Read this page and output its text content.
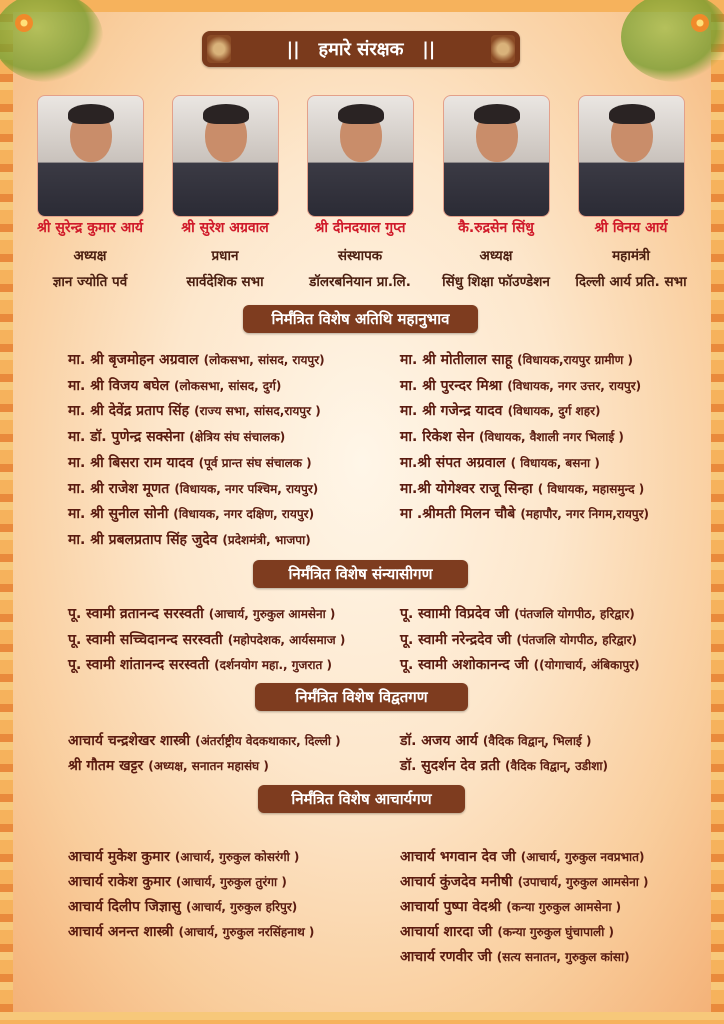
||   हमारे संरक्षक   ||
श्री सुरेन्द्र कुमार आर्य
अध्यक्ष
ज्ञान ज्योति पर्व
श्री सुरेश अग्रवाल
प्रधान
सार्वदेशिक सभा
श्री दीनदयाल गुप्त
संस्थापक
डॉलरबनियान प्रा.लि.
कै.रुद्रसेन सिंधु
अध्यक्ष
सिंधु शिक्षा फॉउण्डेशन
श्री विनय आर्य
महामंत्री
दिल्ली आर्य प्रति. सभा
निर्मंत्रित विशेष अतिथि महानुभाव
मा. श्री बृजमोहन अग्रवाल (लोकसभा, सांसद, रायपुर)
मा. श्री विजय बघेल (लोकसभा, सांसद, दुर्ग)
मा. श्री देवेंद्र प्रताप सिंह (राज्य सभा, सांसद,रायपुर )
मा. डॉ. पुणेन्द्र सक्सेना (क्षेत्रिय संघ संचालक)
मा. श्री बिसरा राम यादव (पूर्व प्रान्त संघ संचालक )
मा. श्री राजेश मूणत (विधायक, नगर पश्चिम, रायपुर)
मा. श्री सुनील सोनी (विधायक, नगर दक्षिण, रायपुर)
मा. श्री प्रबलप्रताप सिंह जुदेव (प्रदेशमंत्री, भाजपा)
मा. श्री मोतीलाल साहू (विधायक,रायपुर ग्रामीण )
मा. श्री पुरन्दर मिश्रा (विधायक, नगर उत्तर, रायपुर)
मा. श्री गजेन्द्र यादव (विधायक, दुर्ग शहर)
मा. रिकेश सेन (विधायक, वैशाली नगर भिलाई )
मा.श्री संपत अग्रवाल ( विधायक, बसना )
मा.श्री योगेश्वर राजू सिन्हा ( विधायक, महासमुन्द )
मा .श्रीमती मिलन चौबे (महापौर, नगर निगम,रायपुर)
निर्मंत्रित विशेष संन्यासीगण
पू. स्वामी व्रतानन्द सरस्वती (आचार्य, गुरुकुल आमसेना )
पू. स्वामी सच्चिदानन्द सरस्वती (महोपदेशक, आर्यसमाज )
पू. स्वामी शांतानन्द सरस्वती (दर्शनयोग महा., गुजरात )
पू. स्वाामी विप्रदेव जी (पंतजलि योगपीठ, हरिद्वार)
पू. स्वामी नरेन्द्रदेव जी (पंतजलि योगपीठ, हरिद्वार)
पू. स्वामी अशोकानन्द जी ((योगाचार्य, अंबिकापुर)
निर्मंत्रित विशेष विद्वतगण
आचार्य चन्द्रशेखर शास्त्री (अंतर्राष्ट्रीय वेदकथाकार, दिल्ली )
श्री गौतम खट्टर (अध्यक्ष, सनातन महासंघ )
डॉ. अजय आर्य (वैदिक विद्वान्, भिलाई )
डॉ. सुदर्शन देव व्रती (वैदिक विद्वान्, उडीशा)
निर्मंत्रित विशेष आचार्यगण
आचार्य मुकेश कुमार (आचार्य, गुरुकुल कोसरंगी )
आचार्य राकेश कुमार (आचार्य, गुरुकुल तुरंगा )
आचार्य दिलीप जिज्ञासु (आचार्य, गुरुकुल हरिपुर)
आचार्य अनन्त शास्त्री (आचार्य, गुरुकुल नरसिंहनाथ )
आचार्य भगवान देव जी (आचार्य, गुरुकुल नवप्रभात)
आचार्य कुंजदेव मनीषी (उपाचार्य, गुरुकुल आमसेना )
आचार्या पुष्पा वेदश्री (कन्या गुरुकुल आमसेना )
आचार्या शारदा जी (कन्या गुरुकुल घुंचापाली )
आचार्य रणवीर जी (सत्य सनातन, गुरुकुल कांसा)
